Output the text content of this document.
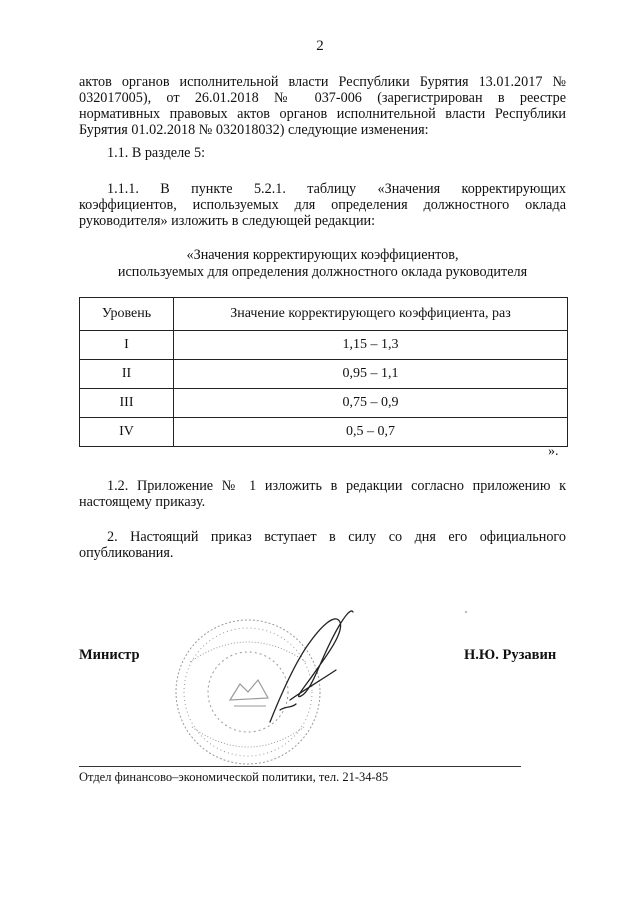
2
актов органов исполнительной власти Республики Бурятия 13.01.2017 №
032017005), от 26.01.2018 № 037-006 (зарегистрирован в реестре
нормативных правовых актов органов исполнительной власти Республики
Бурятия 01.02.2018 № 032018032) следующие изменения:
1.1. В разделе 5:
1.1.1. В пункте 5.2.1. таблицу «Значения корректирующих
коэффициентов, используемых для определения должностного оклада
руководителя» изложить в следующей редакции:
«Значения корректирующих коэффициентов,
используемых для определения должностного оклада руководителя
Уровень	Значение корректирующего коэффициента, раз
I	1,15 – 1,3
II	0,95 – 1,1
III	0,75 – 0,9
IV	0,5 – 0,7
».
1.2. Приложение № 1 изложить в редакции согласно приложению к
настоящему приказу.
2. Настоящий приказ вступает в силу со дня его официального
опубликования.
Министр	Н.Ю. Рузавин
Отдел финансово–экономической политики, тел. 21-34-85
